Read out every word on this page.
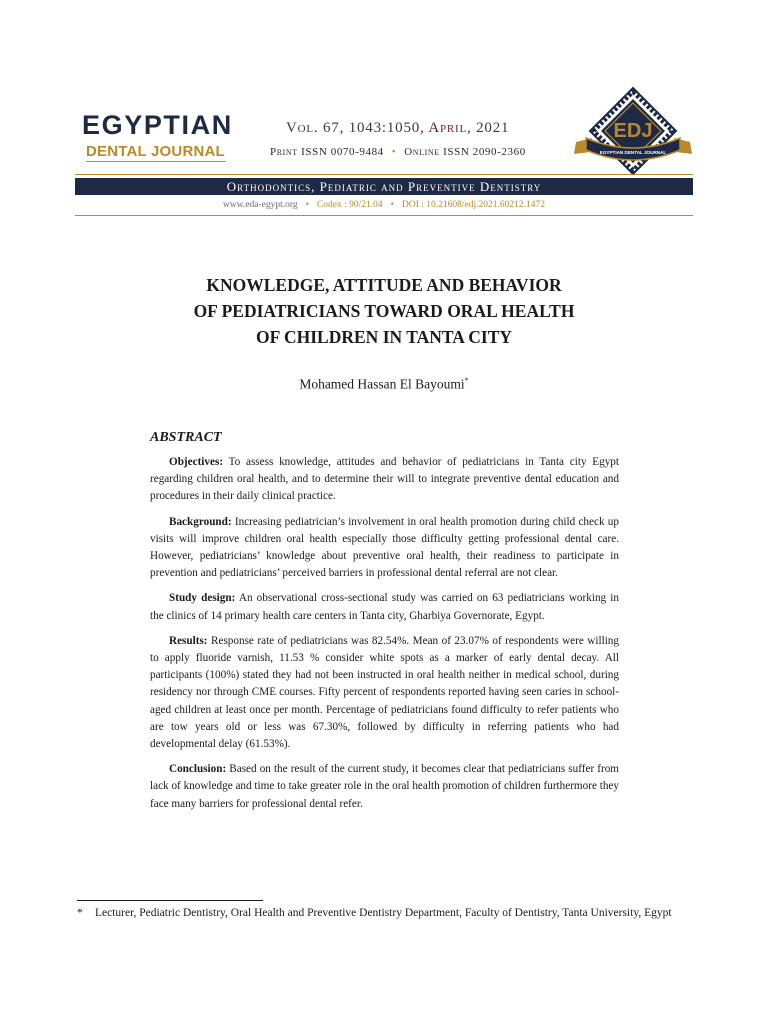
EGYPTIAN
DENTAL JOURNAL
Vol. 67, 1043:1050, April, 2021
Print ISSN 0070-9484 • Online ISSN 2090-2360	EGYPTIAN DENTAL JOURNAL
EDJ
Orthodontics, Pediatric and Preventive Dentistry
www.eda-egypt.org • Codex : 90/21.04 • DOI : 10.21608/edj.2021.60212.1472
KNOWLEDGE, ATTITUDE AND BEHAVIOR
OF PEDIATRICIANS TOWARD ORAL HEALTH
OF CHILDREN IN TANTA CITY
Mohamed Hassan El Bayoumi*
ABSTRACT

Objectives: To assess knowledge, attitudes and behavior of pediatricians in Tanta city Egypt regarding children oral health, and to determine their will to integrate preventive dental education and procedures in their daily clinical practice.

Background: Increasing pediatrician’s involvement in oral health promotion during child check up visits will improve children oral health especially those difficulty getting professional dental care. However, pediatricians’ knowledge about preventive oral health, their readiness to participate in prevention and pediatricians’ perceived barriers in professional dental referral are not clear.

Study design: An observational cross-sectional study was carried on 63 pediatricians working in the clinics of 14 primary health care centers in Tanta city, Gharbiya Governorate, Egypt.

Results: Response rate of pediatricians was 82.54%. Mean of 23.07% of respondents were willing to apply fluoride varnish, 11.53 % consider white spots as a marker of early dental decay. All participants (100%) stated they had not been instructed in oral health neither in medical school, during residency nor through CME courses. Fifty percent of respondents reported having seen caries in school-aged children at least once per month. Percentage of pediatricians found difficulty to refer patients who are tow years old or less was 67.30%, followed by difficulty in referring patients who had developmental delay (61.53%).

Conclusion: Based on the result of the current study, it becomes clear that pediatricians suffer from lack of knowledge and time to take greater role in the oral health promotion of children furthermore they face many barriers for professional dental refer.

* Lecturer, Pediatric Dentistry, Oral Health and Preventive Dentistry Department, Faculty of Dentistry, Tanta University, Egypt
